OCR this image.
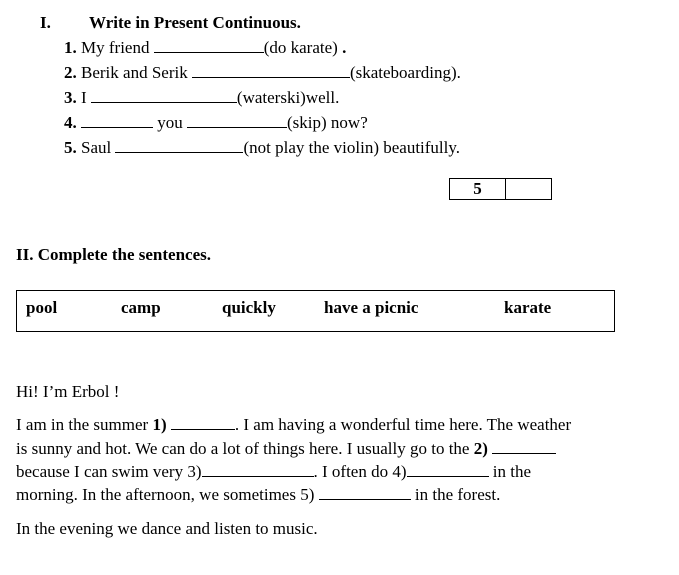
I. Write in Present Continuous.
1. My friend	(do karate) .
2. Berik and Serik	(skateboarding).
3. I	(waterski)well.
4.	you	(skip) now?
5. Saul	(not play the violin) beautifully.
5
II. Complete the sentences.
pool	camp	quickly	have a picnic	karate
Hi! I’m Erbol !
I am in the summer 1)	. I am having a wonderful time here. The weather
is sunny and hot. We can do a lot of things here. I usually go to the 2)
because I can swim very 3)	. I often do 4)	in the
morning. In the afternoon, we sometimes 5)	in the forest.
In the evening we dance and listen to music.
